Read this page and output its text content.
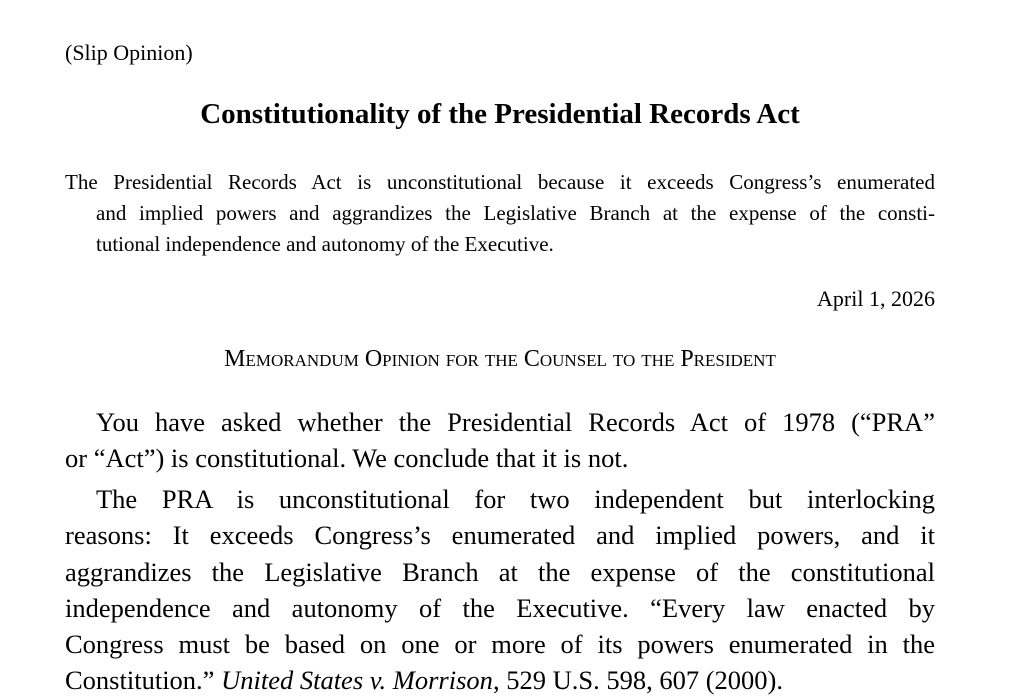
(Slip Opinion)
Constitutionality of the Presidential Records Act
The Presidential Records Act is unconstitutional because it exceeds Congress’s enumerated
and implied powers and aggrandizes the Legislative Branch at the expense of the consti-
tutional independence and autonomy of the Executive.
April 1, 2026
Memorandum Opinion for the Counsel to the President
You have asked whether the Presidential Records Act of 1978 (“PRA”
or “Act”) is constitutional. We conclude that it is not.
The PRA is unconstitutional for two independent but interlocking
reasons: It exceeds Congress’s enumerated and implied powers, and it
aggrandizes the Legislative Branch at the expense of the constitutional
independence and autonomy of the Executive. “Every law enacted by
Congress must be based on one or more of its powers enumerated in the
Constitution.” United States v. Morrison, 529 U.S. 598, 607 (2000).
